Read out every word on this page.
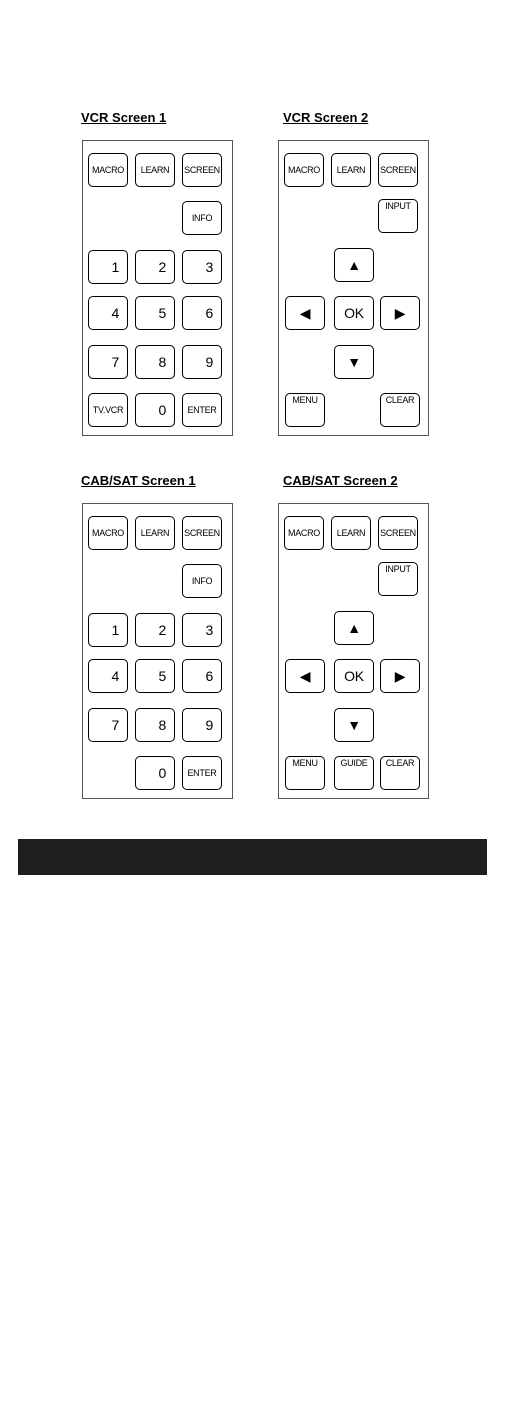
VCR Screen 1
MACRO	LEARN	SCREEN
INFO
1	2	3
4	5	6
7	8	9
TV.VCR	0	ENTER
VCR Screen 2
MACRO	LEARN	SCREEN
INPUT
▲
◀	OK	▶
▼
MENU	CLEAR
CAB/SAT Screen 1
MACRO	LEARN	SCREEN
INFO
1	2	3
4	5	6
7	8	9
0	ENTER
CAB/SAT Screen 2
MACRO	LEARN	SCREEN
INPUT
▲
◀	OK	▶
▼
MENU	GUIDE	CLEAR
